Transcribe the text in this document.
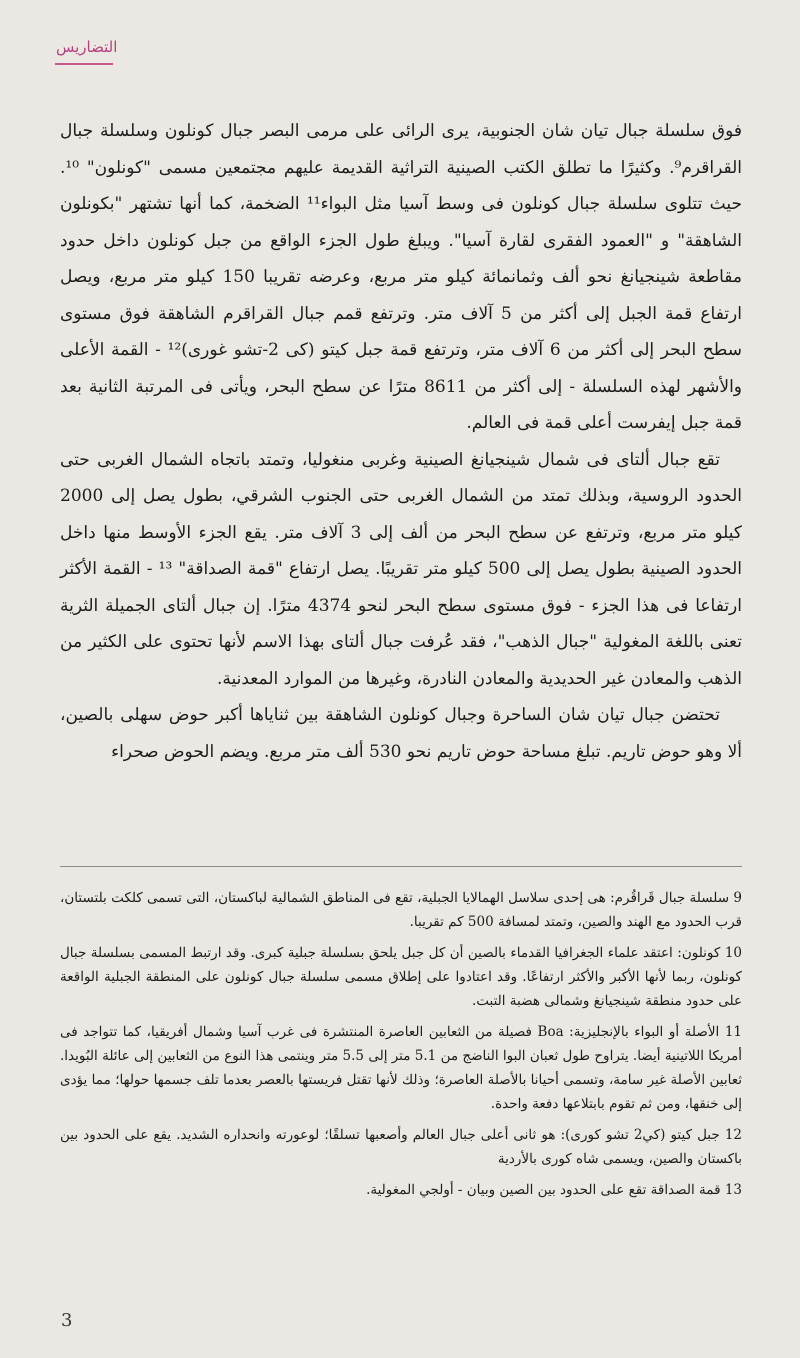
التضاريس

فوق سلسلة جبال تيان شان الجنوبية، يرى الرائى على مرمى البصر جبال كونلون وسلسلة جبال القراقرم⁹. وكثيرًا ما تطلق الكتب الصينية التراثية القديمة عليهم مجتمعين مسمى "كونلون" ¹⁰. حيث تتلوى سلسلة جبال كونلون فى وسط آسيا مثل البواء¹¹ الضخمة، كما أنها تشتهر "بكونلون الشاهقة" و "العمود الفقرى لقارة آسيا". ويبلغ طول الجزء الواقع من جبل كونلون داخل حدود مقاطعة شينجيانغ نحو ألف وثمانمائة كيلو متر مربع، وعرضه تقريبا 150 كيلو متر مربع، ويصل ارتفاع قمة الجبل إلى أكثر من 5 آلاف متر. وترتفع قمم جبال القراقرم الشاهقة فوق مستوى سطح البحر إلى أكثر من 6 آلاف متر، وترتفع قمة جبل كيتو (كى 2-تشو غورى)¹² - القمة الأعلى والأشهر لهذه السلسلة - إلى أكثر من 8611 مترًا عن سطح البحر، ويأتى فى المرتبة الثانية بعد قمة جبل إيفرست أعلى قمة فى العالم.

تقع جبال ألتاى فى شمال شينجيانغ الصينية وغربى منغوليا، وتمتد باتجاه الشمال الغربى حتى الحدود الروسية، وبذلك تمتد من الشمال الغربى حتى الجنوب الشرقي، بطول يصل إلى 2000 كيلو متر مربع، وترتفع عن سطح البحر من ألف إلى 3 آلاف متر. يقع الجزء الأوسط منها داخل الحدود الصينية بطول يصل إلى 500 كيلو متر تقريبًا. يصل ارتفاع "قمة الصداقة" ¹³ - القمة الأكثر ارتفاعا فى هذا الجزء - فوق مستوى سطح البحر لنحو 4374 مترًا. إن جبال ألتاى الجميلة الثرية تعنى باللغة المغولية "جبال الذهب"، فقد عُرفت جبال ألتاى بهذا الاسم لأنها تحتوى على الكثير من الذهب والمعادن غير الحديدية والمعادن النادرة، وغيرها من الموارد المعدنية.

تحتضن جبال تيان شان الساحرة وجبال كونلون الشاهقة بين ثناياها أكبر حوض سهلى بالصين، ألا وهو حوض تاريم. تبلغ مساحة حوض تاريم نحو 530 ألف متر مربع. ويضم الحوض صحراء

9 سلسلة جبال قَراقُرم: هى إحدى سلاسل الهمالايا الجبلية، تقع فى المناطق الشمالية لباكستان، التى تسمى كلكت بلتستان، قرب الحدود مع الهند والصين، وتمتد لمسافة 500 كم تقريبا.

10 كونلون: اعتقد علماء الجغرافيا القدماء بالصين أن كل جبل يلحق بسلسلة جبلية كبرى. وقد ارتبط المسمى بسلسلة جبال كونلون، ربما لأنها الأكبر والأكثر ارتفاعًا. وقد اعتادوا على إطلاق مسمى سلسلة جبال كونلون على المنطقة الجبلية الواقعة على حدود منطقة شينجيانغ وشمالى هضبة التبت.

11 الأصلة أو البواء بالإنجليزية: Boa فصيلة من الثعابين العاصرة المنتشرة فى غرب آسيا وشمال أفريقيا، كما تتواجد فى أمريكا اللاتينية أيضا. يتراوح طول ثعبان البوا الناضج من 5.1 متر إلى 5.5 متر وينتمى هذا النوع من الثعابين إلى عائلة البُويدا. ثعابين الأصلة غير سامة، وتسمى أحيانا بالأصلة العاصرة؛ وذلك لأنها تقتل فريستها بالعصر بعدما تلف جسمها حولها؛ مما يؤدى إلى خنقها، ومن ثم تقوم بابتلاعها دفعة واحدة.

12 جبل كيتو (كي2 تشو كورى): هو ثانى أعلى جبال العالم وأصعبها تسلقًا؛ لوعورته وانحداره الشديد. يقع على الحدود بين باكستان والصين، ويسمى شاه كورى بالأردية

13 قمة الصداقة تقع على الحدود بين الصين وبيان - أولجي المغولية.

3
